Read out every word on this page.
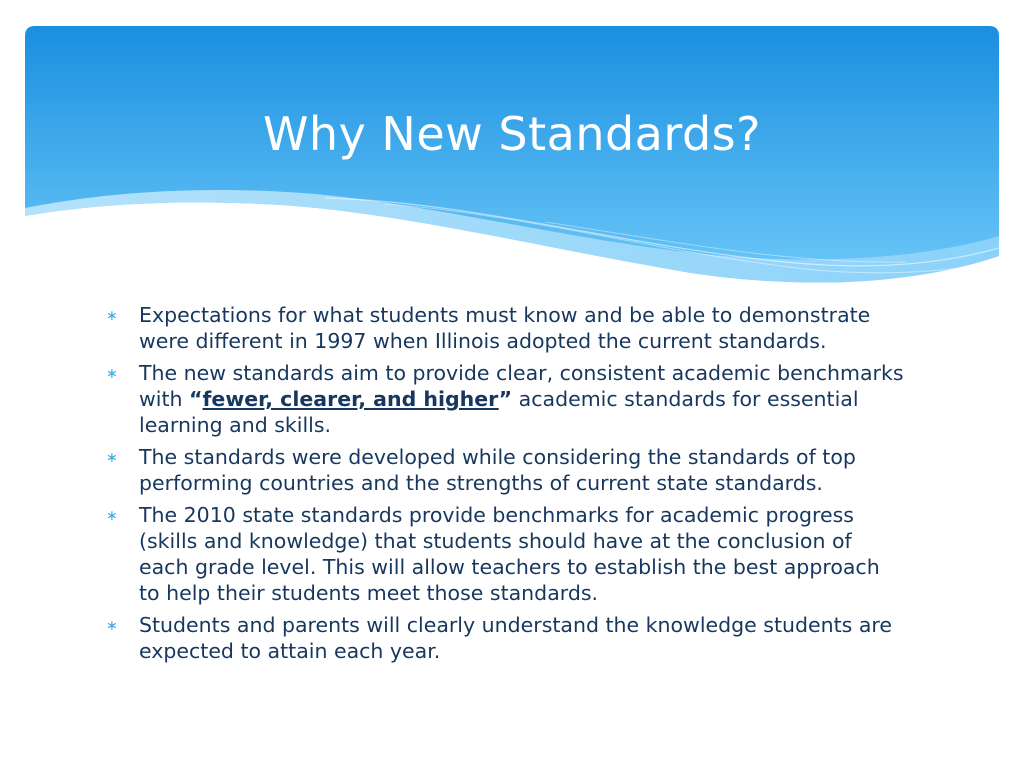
Why New Standards?
∗ Expectations for what students must know and be able to demonstrate were different in 1997 when Illinois adopted the current standards.
∗ The new standards aim to provide clear, consistent academic benchmarks with “fewer, clearer, and higher” academic standards for essential learning and skills.
∗ The standards were developed while considering the standards of top performing countries and the strengths of current state standards.
∗ The 2010 state standards provide benchmarks for academic progress (skills and knowledge) that students should have at the conclusion of each grade level. This will allow teachers to establish the best approach to help their students meet those standards.
∗ Students and parents will clearly understand the knowledge students are expected to attain each year.
